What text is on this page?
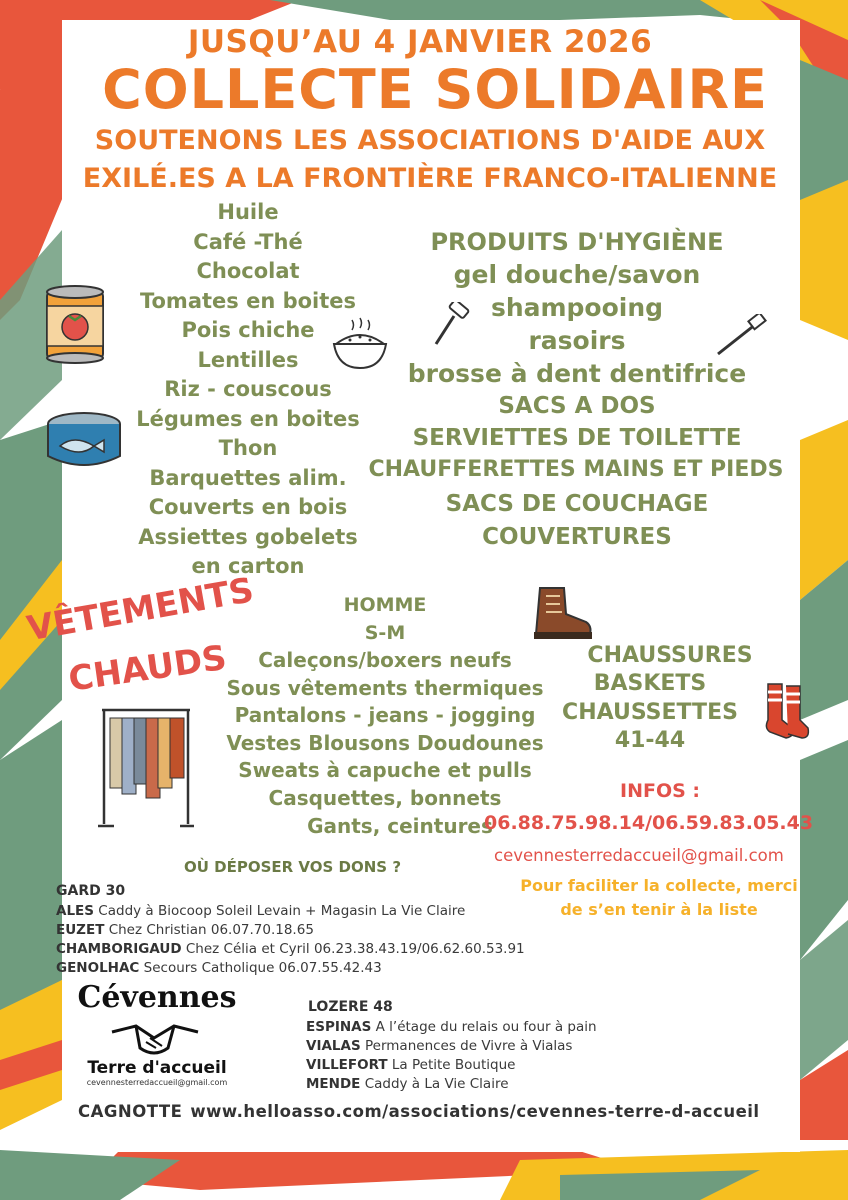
JUSQU’AU 4 JANVIER 2026
COLLECTE SOLIDAIRE
SOUTENONS LES ASSOCIATIONS D'AIDE AUX
EXILÉ.ES A LA FRONTIÈRE FRANCO-ITALIENNE
Huile
Café -Thé
Chocolat
Tomates en boites
Pois chiche
Lentilles
Riz - couscous
Légumes en boites
Thon
Barquettes alim.
Couverts en bois
Assiettes gobelets
en carton
PRODUITS D'HYGIÈNE
gel douche/savon
shampooing
rasoirs
brosse à dent dentifrice
SACS A DOS
SERVIETTES DE TOILETTE
CHAUFFERETTES MAINS ET PIEDS
SACS DE COUCHAGE
COUVERTURES
VÊTEMENTS
CHAUDS
HOMME
S-M
Caleçons/boxers neufs
Sous vêtements thermiques
Pantalons - jeans - jogging
Vestes Blousons Doudounes
Sweats à capuche et pulls
Casquettes, bonnets
Gants, ceintures
CHAUSSURES
BASKETS
CHAUSSETTES
41-44
INFOS :
06.88.75.98.14/06.59.83.05.43
cevennesterredaccueil@gmail.com
Pour faciliter la collecte, merci
de s’en tenir à la liste
OÙ DÉPOSER VOS DONS ?
GARD 30
ALES Caddy à Biocoop Soleil Levain + Magasin La Vie Claire
EUZET Chez Christian 06.07.70.18.65
CHAMBORIGAUD Chez Célia et Cyril 06.23.38.43.19/06.62.60.53.91
GENOLHAC Secours Catholique 06.07.55.42.43
LOZERE 48
ESPINAS A l’étage du relais ou four à pain
VIALAS Permanences de Vivre à Vialas
VILLEFORT La Petite Boutique
MENDE Caddy à La Vie Claire
Cévennes
Terre d'accueil
cevennesterredaccueil@gmail.com
CAGNOTTE www.helloasso.com/associations/cevennes-terre-d-accueil
